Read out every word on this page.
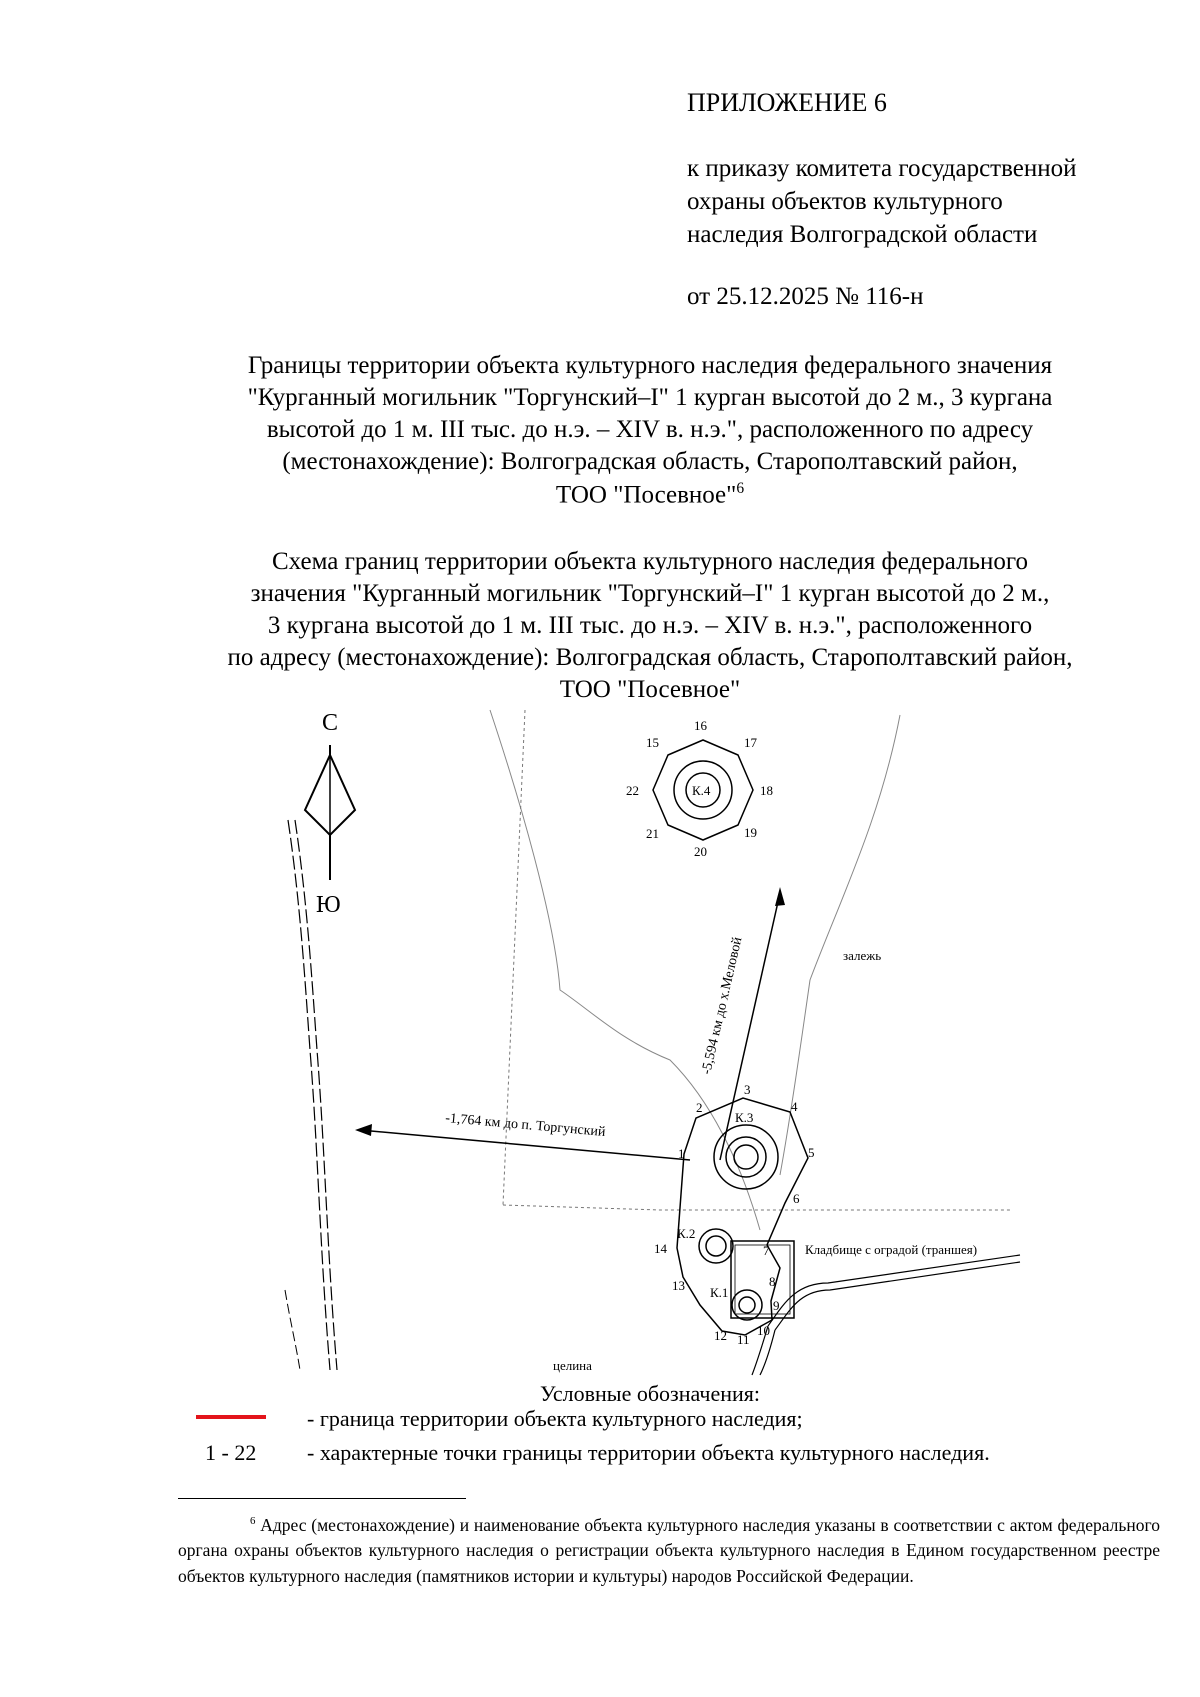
ПРИЛОЖЕНИЕ 6
к приказу комитета государственной
охраны объектов культурного
наследия Волгоградской области
от 25.12.2025 № 116-н
Границы территории объекта культурного наследия федерального значения
"Курганный могильник "Торгунский–I" 1 курган высотой до 2 м., 3 кургана
высотой до 1 м. III тыс. до н.э. – XIV в. н.э.", расположенного по адресу
(местонахождение): Волгоградская область, Старополтавский район,
ТОО "Посевное"$^6$
Схема границ территории объекта культурного наследия федерального
значения "Курганный могильник "Торгунский–I" 1 курган высотой до 2 м.,
3 кургана высотой до 1 м. III тыс. до н.э. – XIV в. н.э.", расположенного
по адресу (местонахождение): Волгоградская область, Старополтавский район,
ТОО "Посевное"
С
Ю
-5,594 км до х.Меловой
-1,764 км до п. Торгунский
К.4
К.3
К.2
К.1
1
2
3
4
5
6
7
8
9
10
11
12
13
14
15
16
17
18
19
20
21
22
залежь
целина
Кладбище с оградой (траншея)
Условные обозначения:
- граница территории объекта культурного наследия;
1 - 22 - характерные точки границы территории объекта культурного наследия.
$^6$ Адрес (местонахождение) и наименование объекта культурного наследия указаны в соответствии с актом федерального органа охраны объектов культурного наследия о регистрации объекта культурного наследия в Едином государственном реестре объектов культурного наследия (памятников истории и культуры) народов Российской Федерации.
